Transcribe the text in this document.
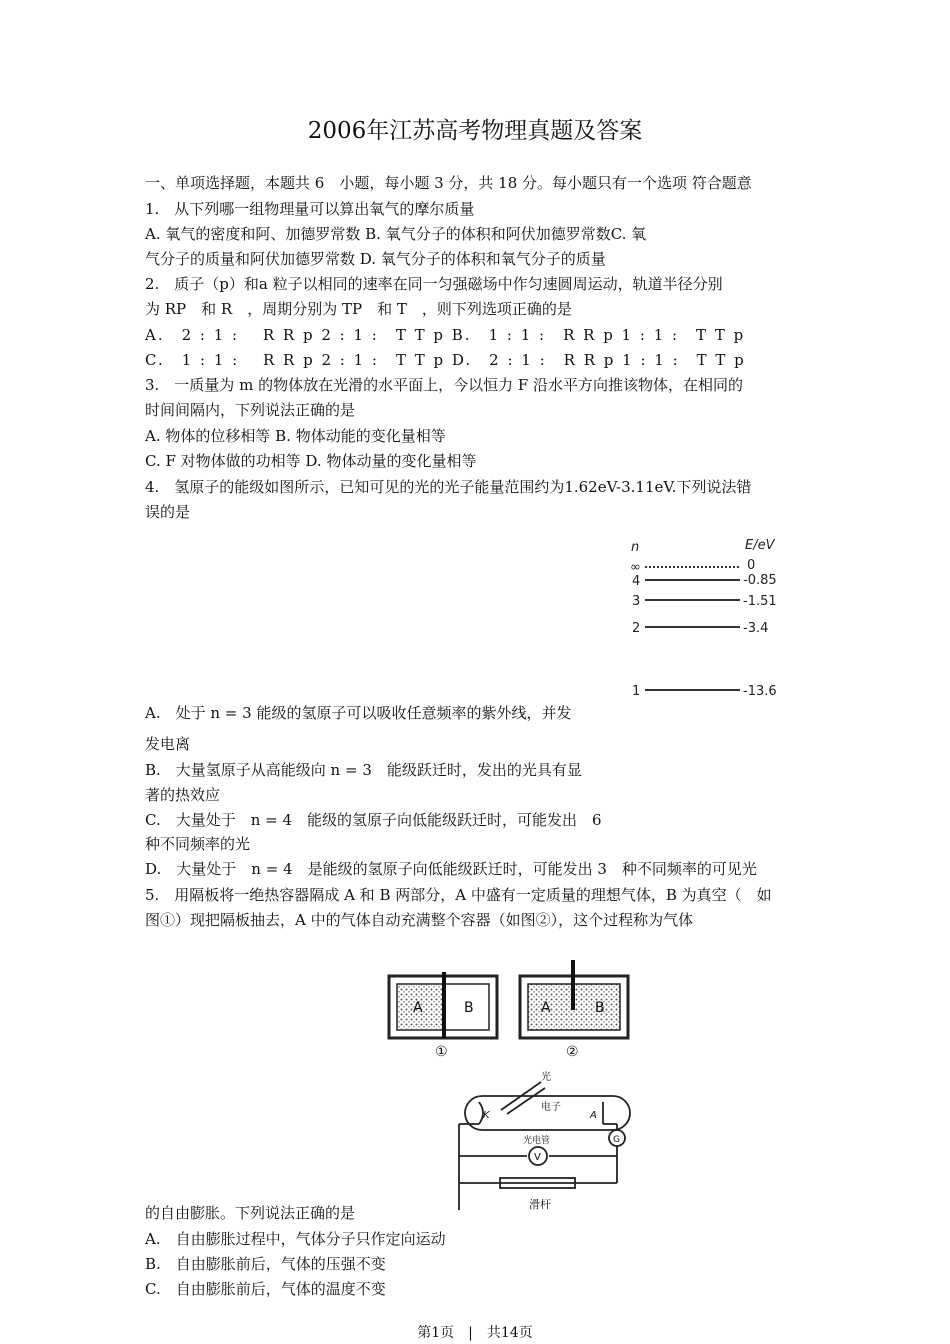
2006年江苏高考物理真题及答案
一、单项选择题，本题共 6　小题，每小题 3 分，共 18 分。每小题只有一个选项 符合题意
1.　从下列哪一组物理量可以算出氧气的摩尔质量
A. 氧气的密度和阿、加德罗常数 B. 氧气分子的体积和阿伏加德罗常数C. 氧
气分子的质量和阿伏加德罗常数 D. 氧气分子的体积和氧气分子的质量
2.　质子（p）和a 粒子以相同的速率在同一匀强磁场中作匀速圆周运动，轨道半径分别
为 RP　和 R　，周期分别为 TP　和 T　，则下列选项正确的是
A.　2 : 1 :　 R R p 2 : 1 :　T T p B.　1 : 1 :　R R p 1 : 1 :　T T p
C.　1 : 1 :　 R R p 2 : 1 :　T T p D.　2 : 1 :　R R p 1 : 1 :　T T p
3.　一质量为 m 的物体放在光滑的水平面上，今以恒力 F 沿水平方向推该物体，在相同的
时间间隔内，下列说法正确的是
A. 物体的位移相等 B. 物体动能的变化量相等
C. F 对物体做的功相等 D. 物体动量的变化量相等
4.　氢原子的能级如图所示，已知可见的光的光子能量范围约为1.62eV-3.11eV.下列说法错
误的是
n	E/eV
∞	0
4	-0.85
3	-1.51
2	-3.4
1	-13.6
A.　处于 n = 3 能级的氢原子可以吸收任意频率的紫外线，并发
发电离
B.　大量氢原子从高能级向 n = 3　能级跃迁时，发出的光具有显
著的热效应
C.　大量处于　n = 4　能级的氢原子向低能级跃迁时，可能发出　6
种不同频率的光
D.　大量处于　n = 4　是能级的氢原子向低能级跃迁时，可能发出 3　种不同频率的可见光
5.　用隔板将一绝热容器隔成 A 和 B 两部分，A 中盛有一定质量的理想气体，B 为真空（　如
图①）现把隔板抽去，A 中的气体自动充满整个容器（如图②），这个过程称为气体
A	B
①
A	B
②
光
K
电子
A
光电管	G
V
滑杆
的自由膨胀。下列说法正确的是
A.　自由膨胀过程中，气体分子只作定向运动
B.　自由膨胀前后，气体的压强不变
C.　自由膨胀前后，气体的温度不变
第1页　|　共14页
